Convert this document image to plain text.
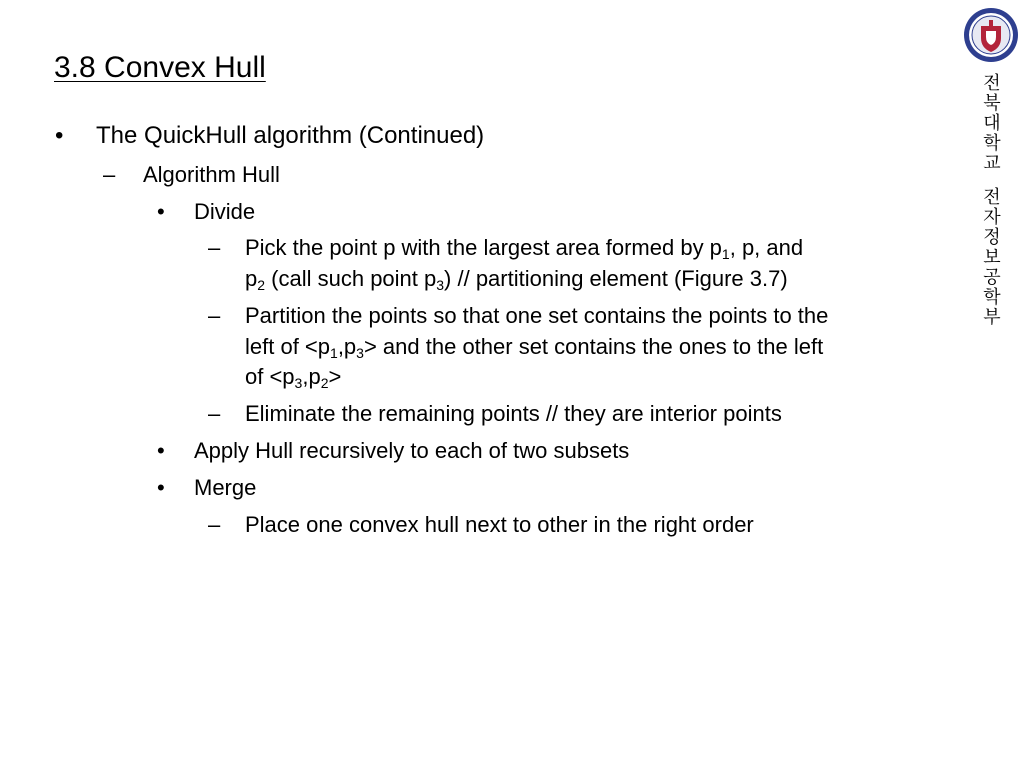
3.8 Convex Hull	전
북
대
학
교
전
자
정
보
공
학
부
• The QuickHull algorithm (Continued)
– Algorithm Hull
• Divide
– Pick the point p with the largest area formed by $p_1$, p, and
$p_2$ (call such point $p_3$) // partitioning element (Figure 3.7)
– Partition the points so that one set contains the points to the
left of $<p_1,p_3>$ and the other set contains the ones to the left
of $<p_3,p_2>$
– Eliminate the remaining points // they are interior points
• Apply Hull recursively to each of two subsets
• Merge
– Place one convex hull next to other in the right order
